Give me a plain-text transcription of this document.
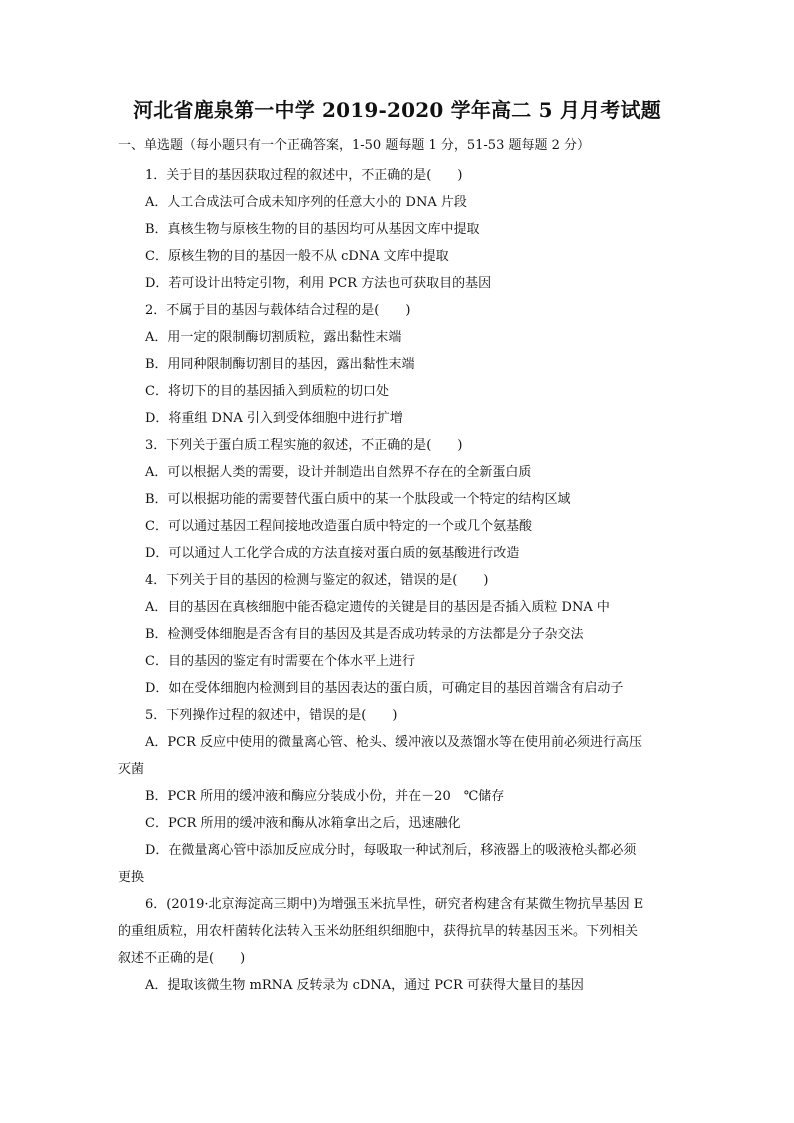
河北省鹿泉第一中学 2019-2020 学年高二 5 月月考试题
一、单选题（每小题只有一个正确答案，1-50 题每题 1 分，51-53 题每题 2 分）
1．关于目的基因获取过程的叙述中，不正确的是(　　)
A．人工合成法可合成未知序列的任意大小的 DNA 片段
B．真核生物与原核生物的目的基因均可从基因文库中提取
C．原核生物的目的基因一般不从 cDNA 文库中提取
D．若可设计出特定引物，利用 PCR 方法也可获取目的基因
2．不属于目的基因与载体结合过程的是(　　)
A．用一定的限制酶切割质粒，露出黏性末端
B．用同种限制酶切割目的基因，露出黏性末端
C．将切下的目的基因插入到质粒的切口处
D．将重组 DNA 引入到受体细胞中进行扩增
3．下列关于蛋白质工程实施的叙述，不正确的是(　　)
A．可以根据人类的需要，设计并制造出自然界不存在的全新蛋白质
B．可以根据功能的需要替代蛋白质中的某一个肽段或一个特定的结构区域
C．可以通过基因工程间接地改造蛋白质中特定的一个或几个氨基酸
D．可以通过人工化学合成的方法直接对蛋白质的氨基酸进行改造
4．下列关于目的基因的检测与鉴定的叙述，错误的是(　　)
A．目的基因在真核细胞中能否稳定遗传的关键是目的基因是否插入质粒 DNA 中
B．检测受体细胞是否含有目的基因及其是否成功转录的方法都是分子杂交法
C．目的基因的鉴定有时需要在个体水平上进行
D．如在受体细胞内检测到目的基因表达的蛋白质，可确定目的基因首端含有启动子
5．下列操作过程的叙述中，错误的是(　　)
A．PCR 反应中使用的微量离心管、枪头、缓冲液以及蒸馏水等在使用前必须进行高压
灭菌
B．PCR 所用的缓冲液和酶应分装成小份，并在－20　℃储存
C．PCR 所用的缓冲液和酶从冰箱拿出之后，迅速融化
D．在微量离心管中添加反应成分时，每吸取一种试剂后，移液器上的吸液枪头都必须
更换
6．(2019·北京海淀高三期中)为增强玉米抗旱性，研究者构建含有某微生物抗旱基因 E
的重组质粒，用农杆菌转化法转入玉米幼胚组织细胞中，获得抗旱的转基因玉米。下列相关
叙述不正确的是(　　)
A．提取该微生物 mRNA 反转录为 cDNA，通过 PCR 可获得大量目的基因
